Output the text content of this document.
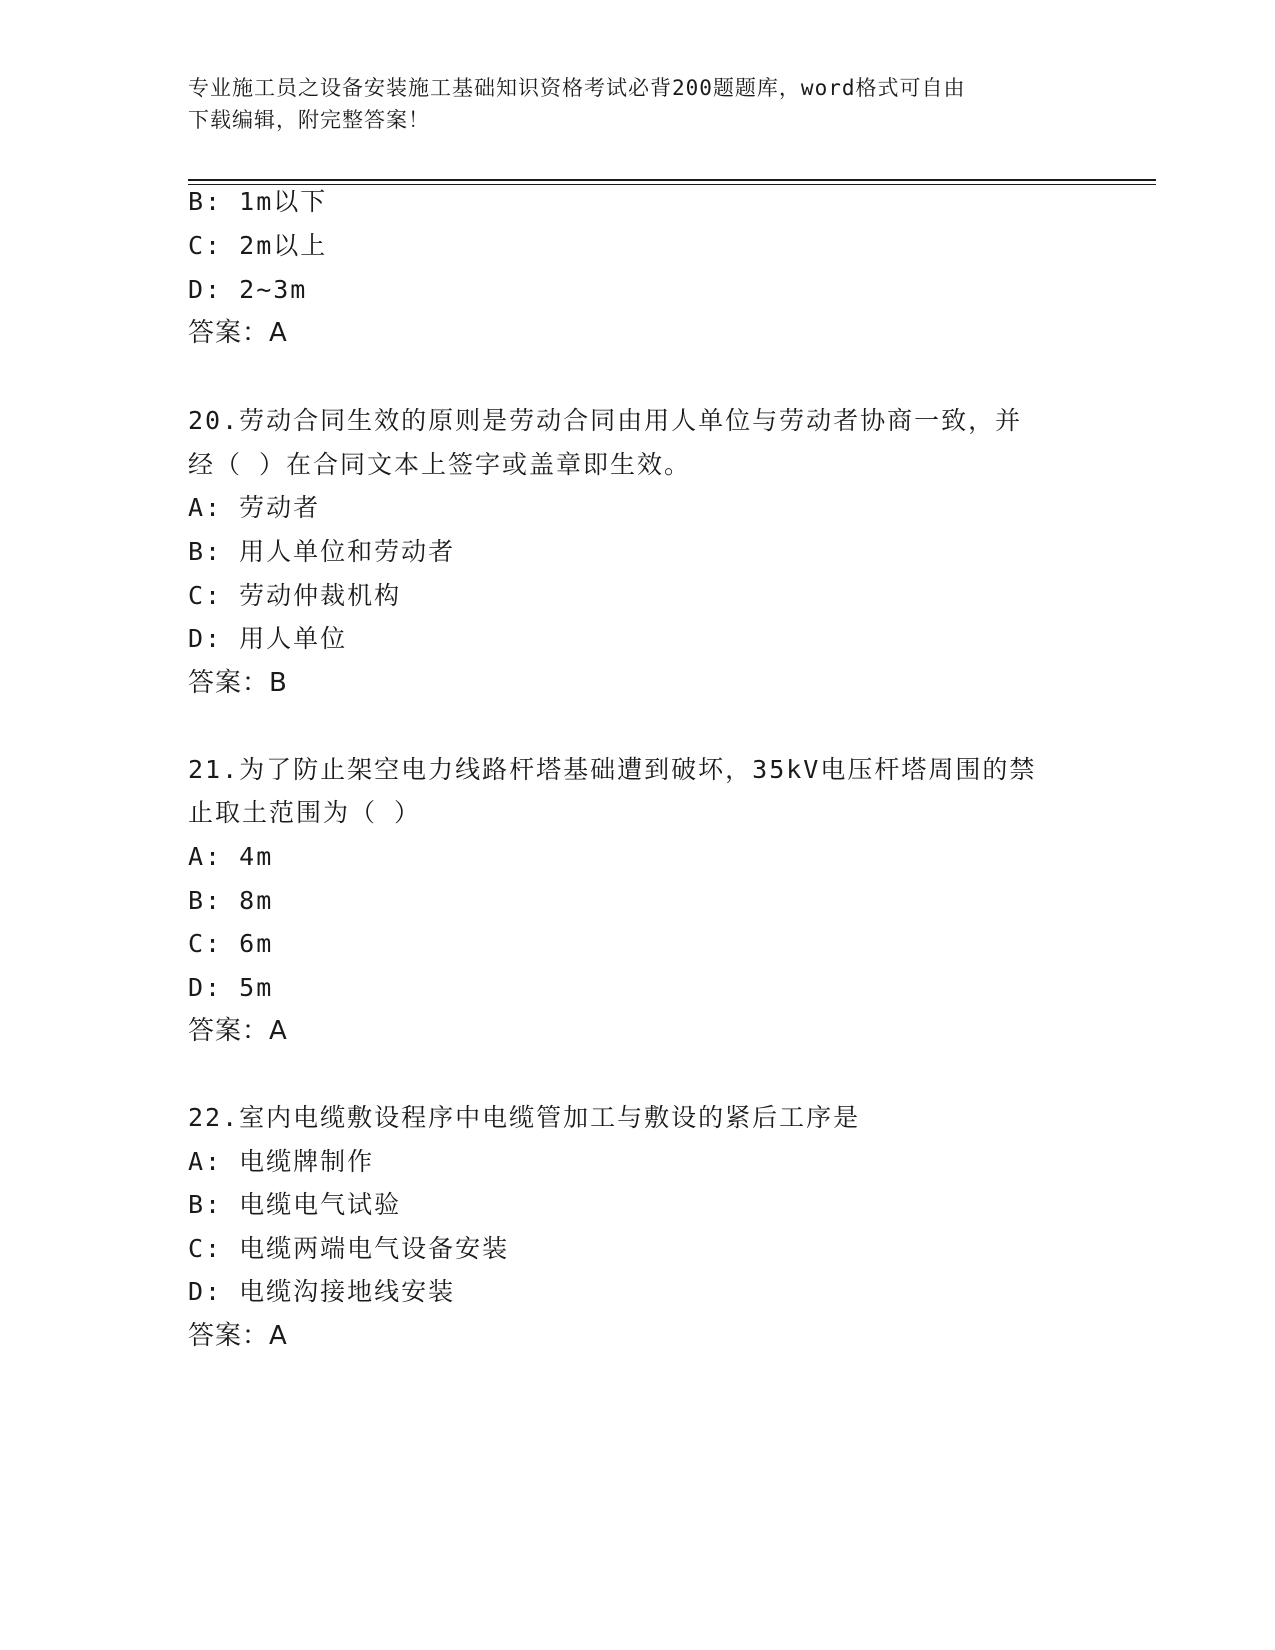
专业施工员之设备安装施工基础知识资格考试必背200题题库，word格式可自由
下载编辑，附完整答案！
B: 1m以下
C: 2m以上
D: 2~3m
答案：A
20.劳动合同生效的原则是劳动合同由用人单位与劳动者协商一致，并
经（ ）在合同文本上签字或盖章即生效。
A: 劳动者
B: 用人单位和劳动者
C: 劳动仲裁机构
D: 用人单位
答案：B
21.为了防止架空电力线路杆塔基础遭到破坏，35kV电压杆塔周围的禁
止取土范围为（ ）
A: 4m
B: 8m
C: 6m
D: 5m
答案：A
22.室内电缆敷设程序中电缆管加工与敷设的紧后工序是
A: 电缆牌制作
B: 电缆电气试验
C: 电缆两端电气设备安装
D: 电缆沟接地线安装
答案：A
